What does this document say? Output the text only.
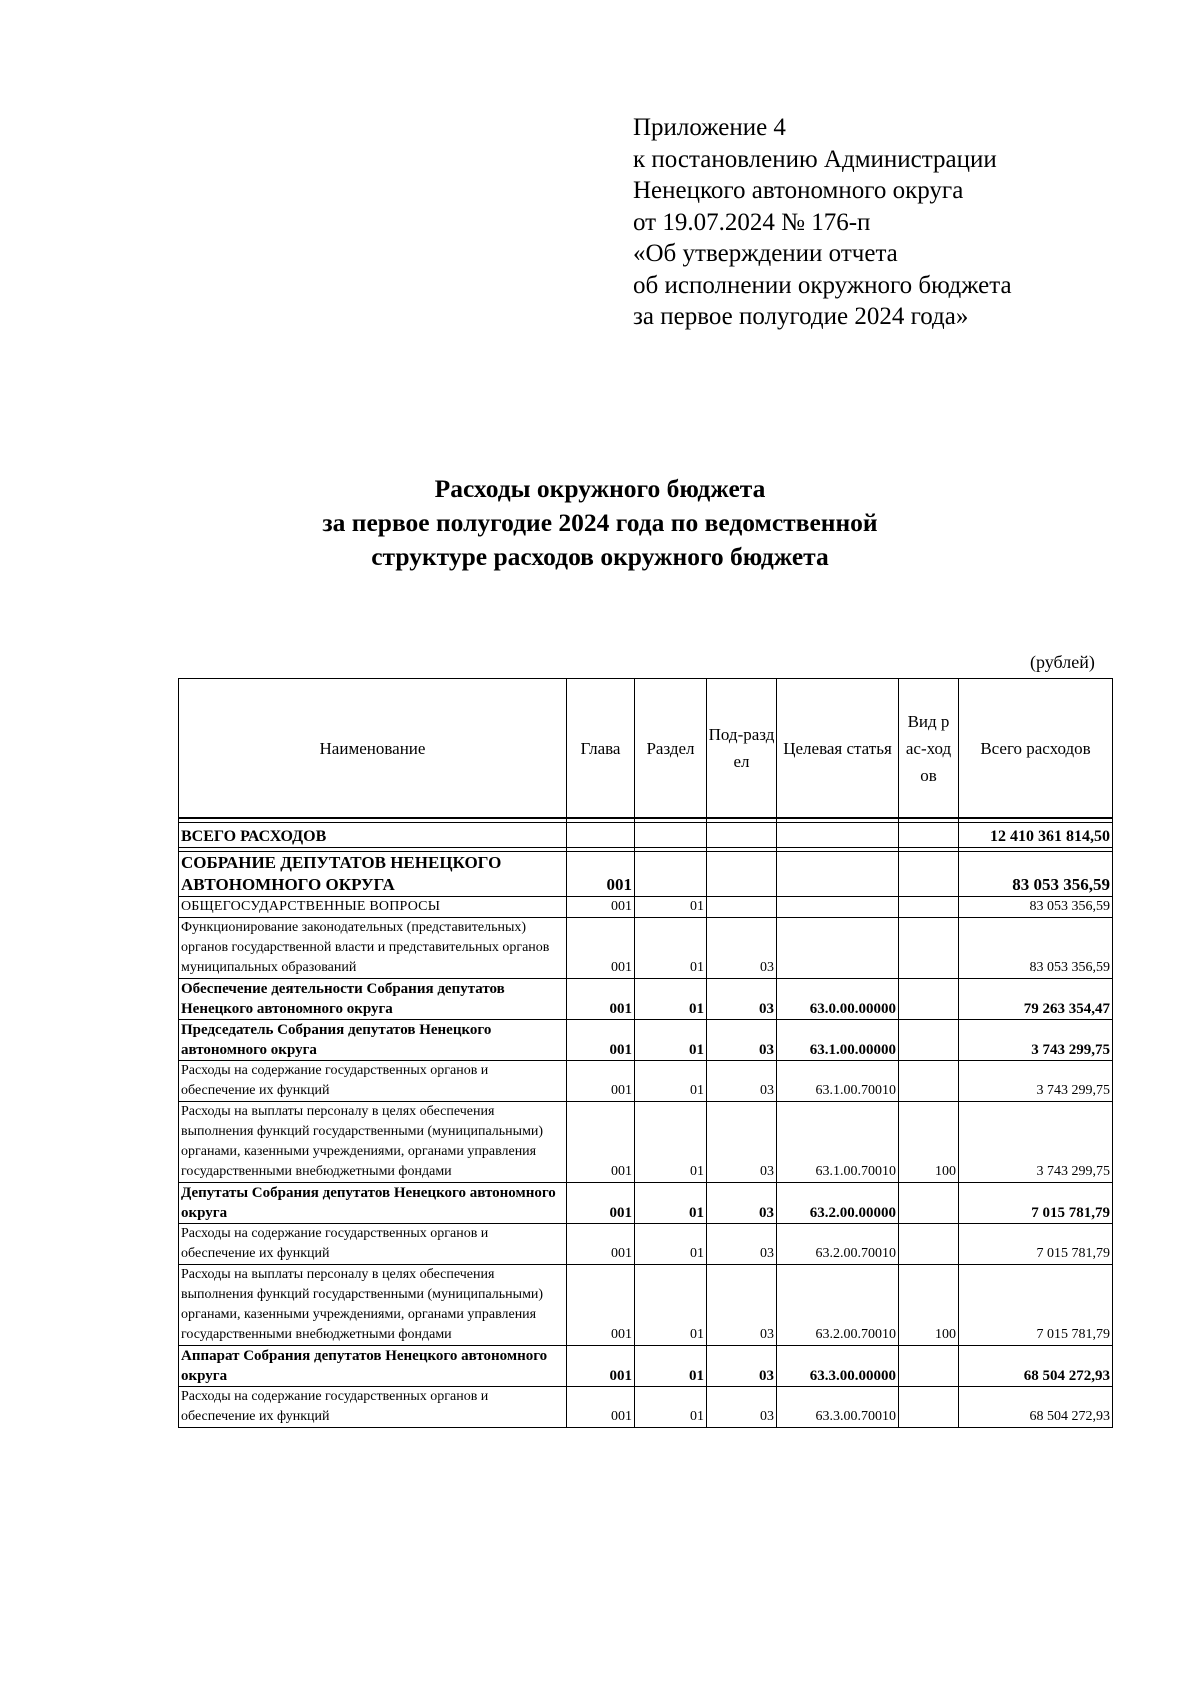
Приложение 4
к постановлению Администрации
Ненецкого автономного округа
от 19.07.2024 № 176-п
«Об утверждении отчета
об исполнении окружного бюджета
за первое полугодие 2024 года»
Расходы окружного бюджета
за первое полугодие 2024 года по ведомственной
структуре расходов окружного бюджета
(рублей)
Наименование	Глава	Раздел	Под-раздел	Целевая статья	Вид рас-ходов	Всего расходов

ВСЕГО РАСХОДОВ						12 410 361 814,50

СОБРАНИЕ ДЕПУТАТОВ НЕНЕЦКОГО АВТОНОМНОГО ОКРУГА	001					83 053 356,59
ОБЩЕГОСУДАРСТВЕННЫЕ ВОПРОСЫ	001	01				83 053 356,59
Функционирование законодательных (представительных) органов государственной власти и представительных органов муниципальных образований	001	01	03			83 053 356,59
Обеспечение деятельности Собрания депутатов Ненецкого автономного округа	001	01	03	63.0.00.00000		79 263 354,47
Председатель Собрания депутатов Ненецкого автономного округа	001	01	03	63.1.00.00000		3 743 299,75
Расходы на содержание государственных органов и обеспечение их функций	001	01	03	63.1.00.70010		3 743 299,75
Расходы на выплаты персоналу в целях обеспечения выполнения функций государственными (муниципальными) органами, казенными учреждениями, органами управления государственными внебюджетными фондами	001	01	03	63.1.00.70010	100	3 743 299,75
Депутаты Собрания депутатов Ненецкого автономного округа	001	01	03	63.2.00.00000		7 015 781,79
Расходы на содержание государственных органов и обеспечение их функций	001	01	03	63.2.00.70010		7 015 781,79
Расходы на выплаты персоналу в целях обеспечения выполнения функций государственными (муниципальными) органами, казенными учреждениями, органами управления государственными внебюджетными фондами	001	01	03	63.2.00.70010	100	7 015 781,79
Аппарат Собрания депутатов Ненецкого автономного округа	001	01	03	63.3.00.00000		68 504 272,93
Расходы на содержание государственных органов и обеспечение их функций	001	01	03	63.3.00.70010		68 504 272,93
